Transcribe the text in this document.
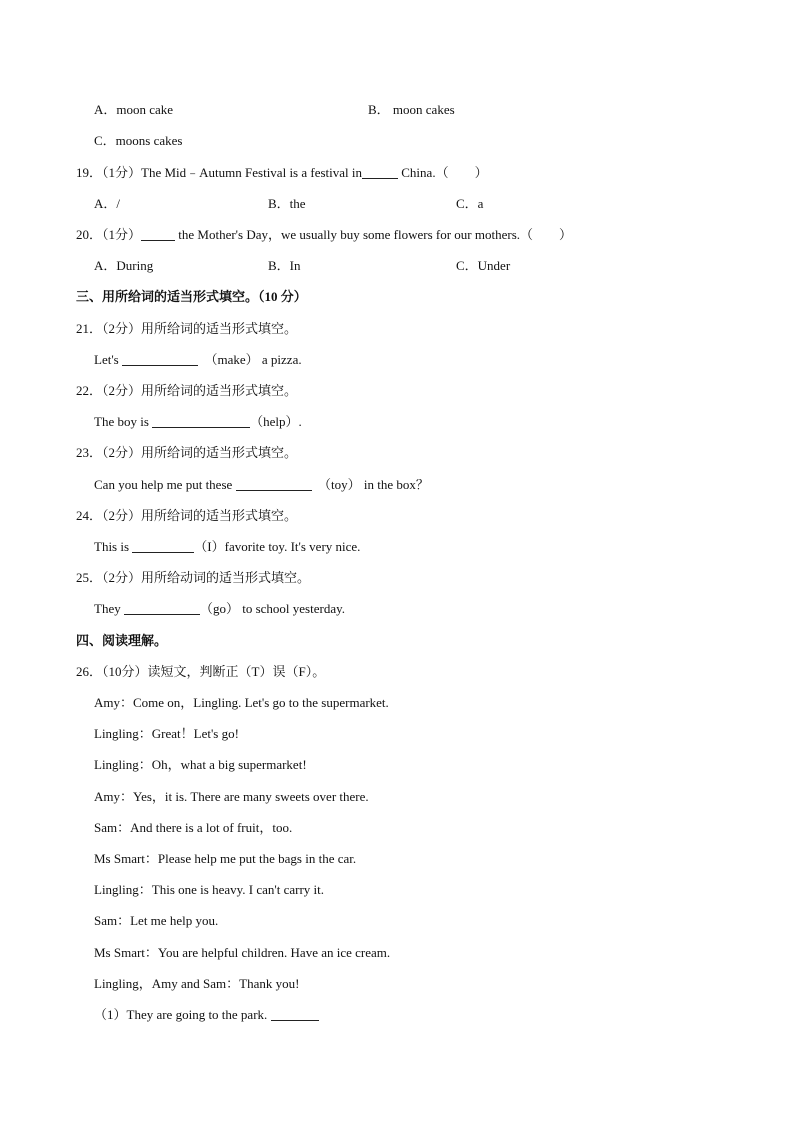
A．moon cake	B． moon cakes
C．moons cakes
19．（1分）The Mid﹣Autumn Festival is a festival in	China.（　　）
A．/	B．the	C．a
20．（1分）	the Mother's Day，we usually buy some flowers for our mothers.（　　）
A．During	B．In	C．Under
三、用所给词的适当形式填空。（10 分）
21．（2分）用所给词的适当形式填空。
Let's	（make） a pizza.
22．（2分）用所给词的适当形式填空。
The boy is	（help）.
23．（2分）用所给词的适当形式填空。
Can you help me put these	（toy） in the box？
24．（2分）用所给词的适当形式填空。
This is	（I）favorite toy. It's very nice.
25．（2分）用所给动词的适当形式填空。
They	（go） to school yesterday.
四、阅读理解。
26．（10分）读短文，判断正（T）误（F）。
Amy：Come on，Lingling. Let's go to the supermarket.
Lingling：Great！Let's go!
Lingling：Oh，what a big supermarket!
Amy：Yes，it is. There are many sweets over there.
Sam：And there is a lot of fruit，too.
Ms Smart：Please help me put the bags in the car.
Lingling：This one is heavy. I can't carry it.
Sam：Let me help you.
Ms Smart：You are helpful children. Have an ice cream.
Lingling，Amy and Sam：Thank you!
（1）They are going to the park.
